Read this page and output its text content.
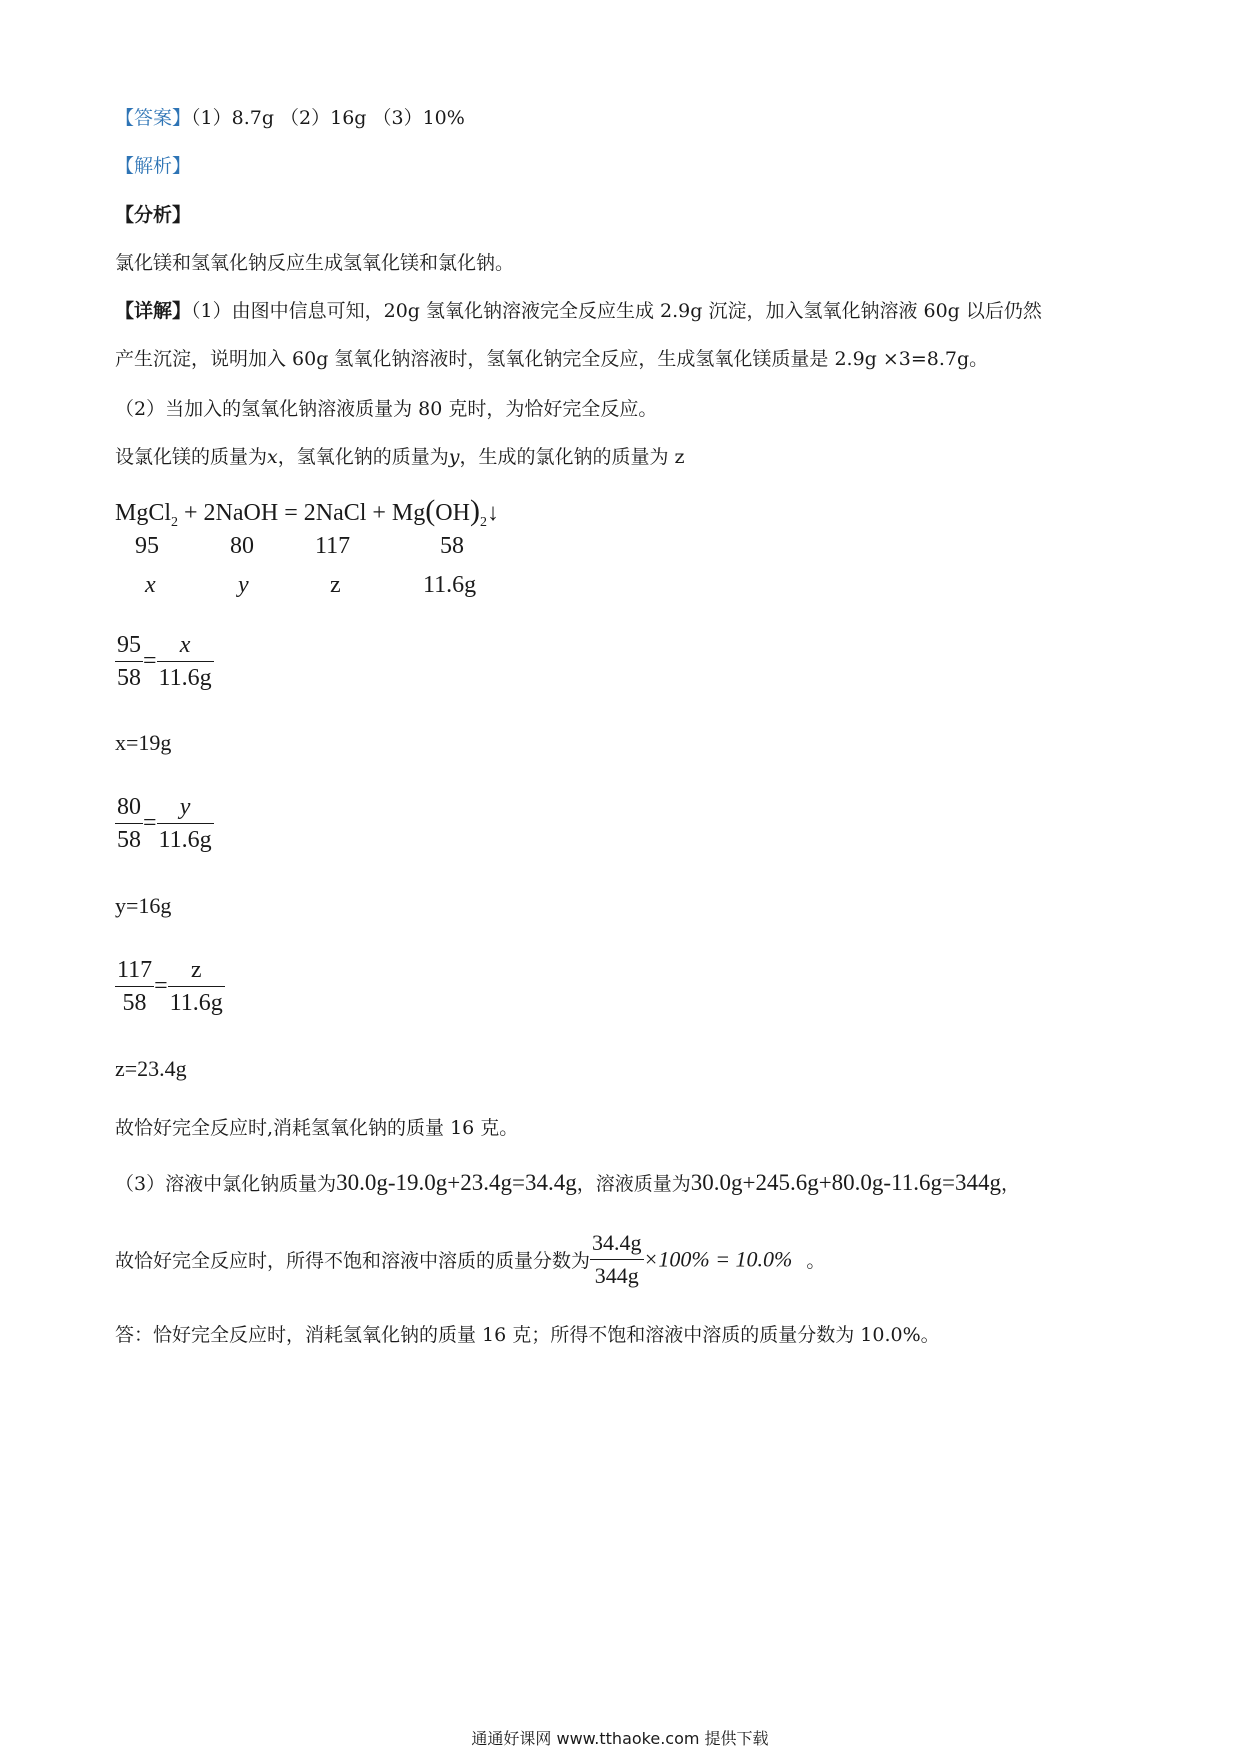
【答案】（1）8.7g （2）16g （3）10%
【解析】
【分析】
氯化镁和氢氧化钠反应生成氢氧化镁和氯化钠。
【详解】（1）由图中信息可知，20g 氢氧化钠溶液完全反应生成 2.9g 沉淀，加入氢氧化钠溶液 60g 以后仍然
产生沉淀，说明加入 60g 氢氧化钠溶液时，氢氧化钠完全反应，生成氢氧化镁质量是 2.9g ×3=8.7g。
（2）当加入的氢氧化钠溶液质量为 80 克时，为恰好完全反应。
设氯化镁的质量为x，氢氧化钠的质量为y，生成的氯化钠的质量为 z
MgCl$_2$ + 2NaOH = 2NaCl + $Mg(OH)_2↓$
95	80	117	58
x	y	z	11.6g
$\frac{95}{58} = \frac{x}{11.6g}$
x=19g
$\frac{80}{58} = \frac{y}{11.6g}$
y=16g
$\frac{117}{58} = \frac{z}{11.6g}$
z=23.4g
故恰好完全反应时,消耗氢氧化钠的质量 16 克。
（3）溶液中氯化钠质量为30.0g-19.0g+23.4g=34.4g，溶液质量为30.0g+245.6g+80.0g-11.6g=344g，
故恰好完全反应时，所得不饱和溶液中溶质的质量分数为 $\frac{34.4g}{344g} \times 100\% = 10.0\%$ 。
答：恰好完全反应时，消耗氢氧化钠的质量 16 克；所得不饱和溶液中溶质的质量分数为 10.0%。
通通好课网 www.tthaoke.com 提供下载
